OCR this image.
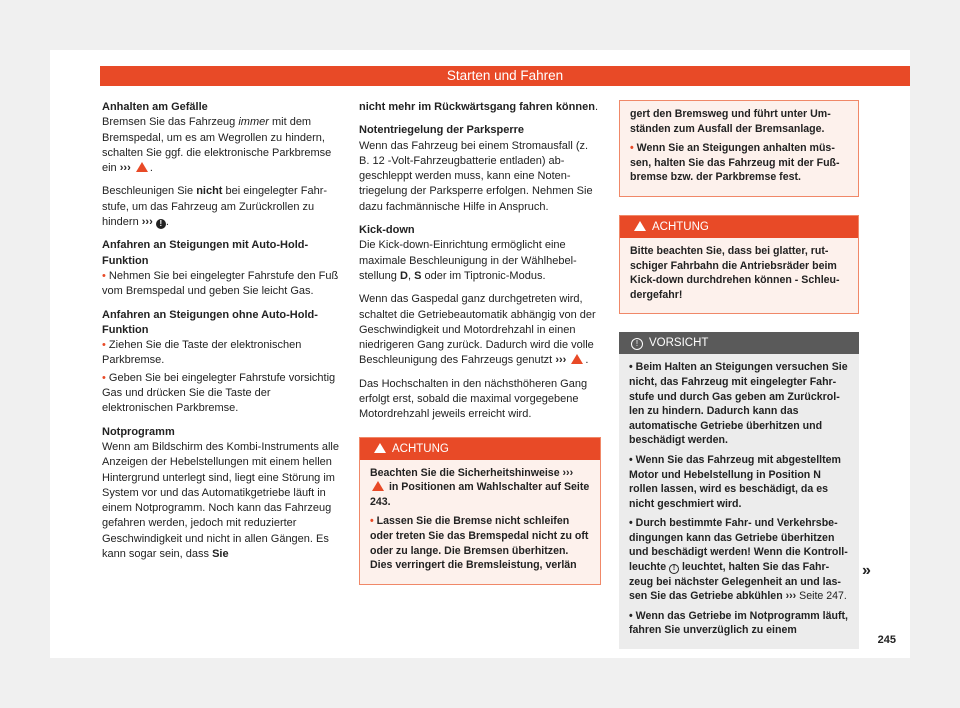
Starten und Fahren
Anhalten am Gefälle

Bremsen Sie das Fahrzeug immer mit dem Bremspedal, um es am Wegrollen zu hindern, schalten Sie ggf. die elektronische Parkbremse ein ››› .

Beschleunigen Sie nicht bei eingelegter Fahrstufe, um das Fahrzeug am Zurückrollen zu hindern ››› ! .

Anfahren an Steigungen mit Auto-Hold-Funktion

• Nehmen Sie bei eingelegter Fahrstufe den Fuß vom Bremspedal und geben Sie leicht Gas.

Anfahren an Steigungen ohne Auto-Hold-Funktion

• Ziehen Sie die Taste der elektronischen Parkbremse.

• Geben Sie bei eingelegter Fahrstufe vorsichtig Gas und drücken Sie die Taste der elektronischen Parkbremse.

Notprogramm

Wenn am Bildschirm des Kombi-Instruments alle Anzeigen der Hebelstellungen mit einem hellen Hintergrund unterlegt sind, liegt eine Störung im System vor und das Automatikgetriebe läuft in einem Notprogramm. Noch kann das Fahrzeug gefahren werden, jedoch mit reduzierter Geschwindigkeit und nicht in allen Gängen. Es kann sogar sein, dass Sie

nicht mehr im Rückwärtsgang fahren können.

Notentriegelung der Parksperre

Wenn das Fahrzeug bei einem Stromausfall (z. B. 12 -Volt-Fahrzeugbatterie entladen) abgeschleppt werden muss, kann eine Notentriegelung der Parksperre erfolgen. Nehmen Sie dazu fachmännische Hilfe in Anspruch.

Kick-down

Die Kick-down-Einrichtung ermöglicht eine maximale Beschleunigung in der Wählhebelstellung D, S oder im Tiptronic-Modus.

Wenn das Gaspedal ganz durchgetreten wird, schaltet die Getriebeautomatik abhängig von der Geschwindigkeit und Motordrehzahl in einen niedrigeren Gang zurück. Dadurch wird die volle Beschleunigung des Fahrzeugs genutzt ››› .

Das Hochschalten in den nächsthöheren Gang erfolgt erst, sobald die maximal vorgegebene Motordrehzahl jeweils erreicht wird.

ACHTUNG

Beachten Sie die Sicherheitshinweise ›››  in Positionen am Wahlschalter auf Seite 243.

• Lassen Sie die Bremse nicht schleifen oder treten Sie das Bremspedal nicht zu oft oder zu lange. Die Bremsen überhitzen. Dies verringert die Bremsleistung, verlän

gert den Bremsweg und führt unter Umständen zum Ausfall der Bremsanlage.

• Wenn Sie an Steigungen anhalten müssen, halten Sie das Fahrzeug mit der Fußbremse bzw. der Parkbremse fest.

ACHTUNG

Bitte beachten Sie, dass bei glatter, rutschiger Fahrbahn die Antriebsräder beim Kick-down durchdrehen können - Schleudergefahr!

! VORSICHT

• Beim Halten an Steigungen versuchen Sie nicht, das Fahrzeug mit eingelegter Fahrstufe und durch Gas geben am Zurückrollen zu hindern. Dadurch kann das automatische Getriebe überhitzen und beschädigt werden.

• Wenn Sie das Fahrzeug mit abgestelltem Motor und Hebelstellung in Position N rollen lassen, wird es beschädigt, da es nicht geschmiert wird.

• Durch bestimmte Fahr- und Verkehrsbedingungen kann das Getriebe überhitzen und beschädigt werden! Wenn die Kontrollleuchte ! leuchtet, halten Sie das Fahrzeug bei nächster Gelegenheit an und lassen Sie das Getriebe abkühlen ››› Seite 247.

• Wenn das Getriebe im Notprogramm läuft, fahren Sie unverzüglich zu einem

»
245
